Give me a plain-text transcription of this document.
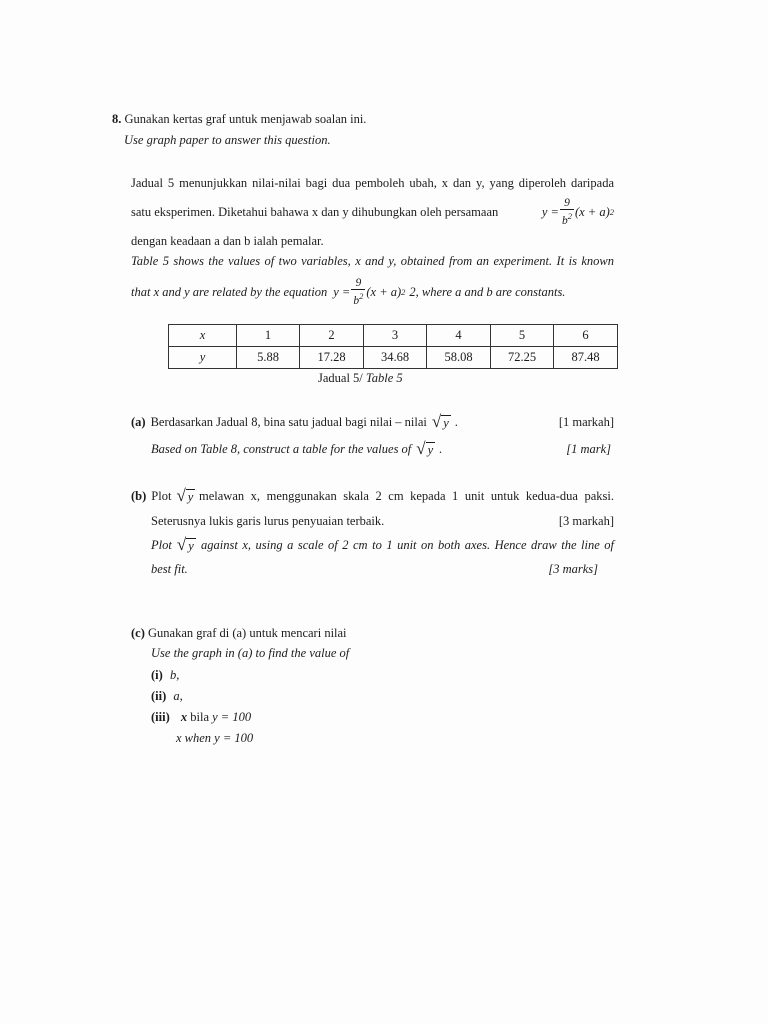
8. Gunakan kertas graf untuk menjawab soalan ini.
Use graph paper to answer this question.
Jadual 5 menunjukkan nilai-nilai bagi dua pemboleh ubah, x dan y, yang diperoleh daripada
satu eksperimen. Diketahui bahawa x dan y dihubungkan oleh persamaan	$y = \frac{9}{b^2} (x + a)$ 2
dengan keadaan a dan b ialah pemalar.
Table 5 shows the values of two variables, x and y, obtained from an experiment. It is known
that x and y are related by the equation $y = \frac{9}{b^2} (x + a)$ 2 2, where a and b are constants.
x	1	2	3	4	5	6
y	5.88	17.28	34.68	58.08	72.25	87.48
Jadual 5/ Table 5
(a) Berdasarkan Jadual 8, bina satu jadual bagi nilai – nilai √ y .	[1 markah]
Based on Table 8, construct a table for the values of √ y .	[1 mark]
(b) Plot √ y melawan x, menggunakan skala 2 cm kepada 1 unit untuk kedua-dua paksi.
Seterusnya lukis garis lurus penyuaian terbaik.	[3 markah]
Plot √ y against x, using a scale of 2 cm to 1 unit on both axes. Hence draw the line of
best fit.	[3 marks]
(c) Gunakan graf di (a) untuk mencari nilai
Use the graph in (a) to find the value of
(i) b,
(ii) a,
(iii) x bila y = 100
x when y = 100
